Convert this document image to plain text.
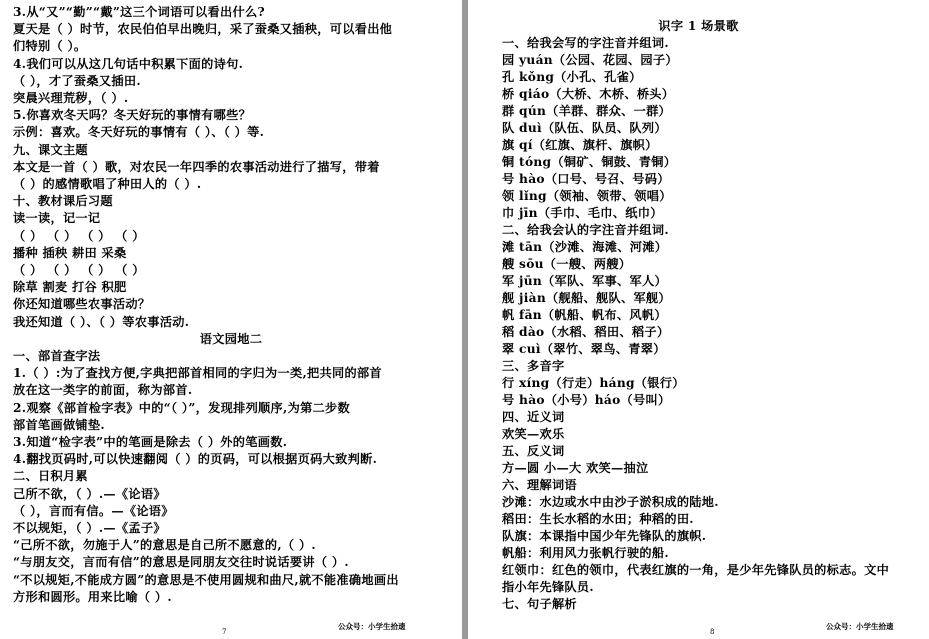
3.从“又”“勤”“戴”这三个词语可以看出什么?
夏天是（ ）时节，农民伯伯早出晚归，采了蚕桑又插秧，可以看出他
们特别（ ）。
4.我们可以从这几句话中积累下面的诗句.
（ ），才了蚕桑又插田.
突晨兴理荒秽，（ ）.
5.你喜欢冬天吗？冬天好玩的事情有哪些？
示例：喜欢。冬天好玩的事情有（ ）、（ ）等.
九、课文主题
本文是一首（ ）歌，对农民一年四季的农事活动进行了描写，带着
（ ）的感情歌唱了种田人的（ ）.
十、教材课后习题
读一读，记一记
（ ） （ ） （ ） （ ）
播种 插秧 耕田 采桑
（ ） （ ） （ ） （ ）
除草 割麦 打谷 积肥
你还知道哪些农事活动？
我还知道（ ）、（ ）等农事活动.
语文园地二
一、部首查字法
1.（ ）:为了查找方便,字典把部首相同的字归为一类,把共同的部首
放在这一类字的前面，称为部首.
2.观察《部首检字表》中的“（ ）”，发现排列顺序,为第二步数
部首笔画做铺垫.
3.知道“检字表”中的笔画是除去（ ）外的笔画数.
4.翻找页码时,可以快速翻阅（ ）的页码，可以根据页码大致判断.
二、日积月累
己所不欲，（ ）.—《论语》
（ ），言而有信。—《论语》
不以规矩，（ ）.—《孟子》
“己所不欲，勿施于人”的意思是自己所不愿意的,（ ）.
“与朋友交，言而有信”的意思是同朋友交往时说话要讲（ ）.
“不以规矩,不能成方圆”的意思是不使用圆规和曲尺,就不能准确地画出
方形和圆形。用来比喻（ ）.
7
公众号：小学生拾遗
识字 1 场景歌
一、给我会写的字注音并组词.
园 yuán（公园、花园、园子）
孔 kǒng（小孔、孔雀）
桥 qiáo（大桥、木桥、桥头）
群 qún（羊群、群众、一群）
队 duì（队伍、队员、队列）
旗 qí（红旗、旗杆、旗帜）
铜 tóng（铜矿、铜鼓、青铜）
号 hào（口号、号召、号码）
领 lǐng（领袖、领带、领唱）
巾 jīn（手巾、毛巾、纸巾）
二、给我会认的字注音并组词.
滩 tān（沙滩、海滩、河滩）
艘 sōu（一艘、两艘）
军 jūn（军队、军事、军人）
舰 jiàn（舰船、舰队、军舰）
帆 fān（帆船、帆布、风帆）
稻 dào（水稻、稻田、稻子）
翠 cuì（翠竹、翠鸟、青翠）
三、多音字
行 xíng（行走）háng（银行）
号 hào（小号）háo（号叫）
四、近义词
欢笑—欢乐
五、反义词
方—圆 小—大 欢笑—抽泣
六、理解词语
沙滩：水边或水中由沙子淤积成的陆地.
稻田：生长水稻的水田；种稻的田.
队旗：本课指中国少年先锋队的旗帜.
帆船：利用风力张帆行驶的船.
红领巾：红色的领巾，代表红旗的一角，是少年先锋队员的标志。文中
指小年先锋队员.
七、句子解析
8
公众号：小学生拾遗
